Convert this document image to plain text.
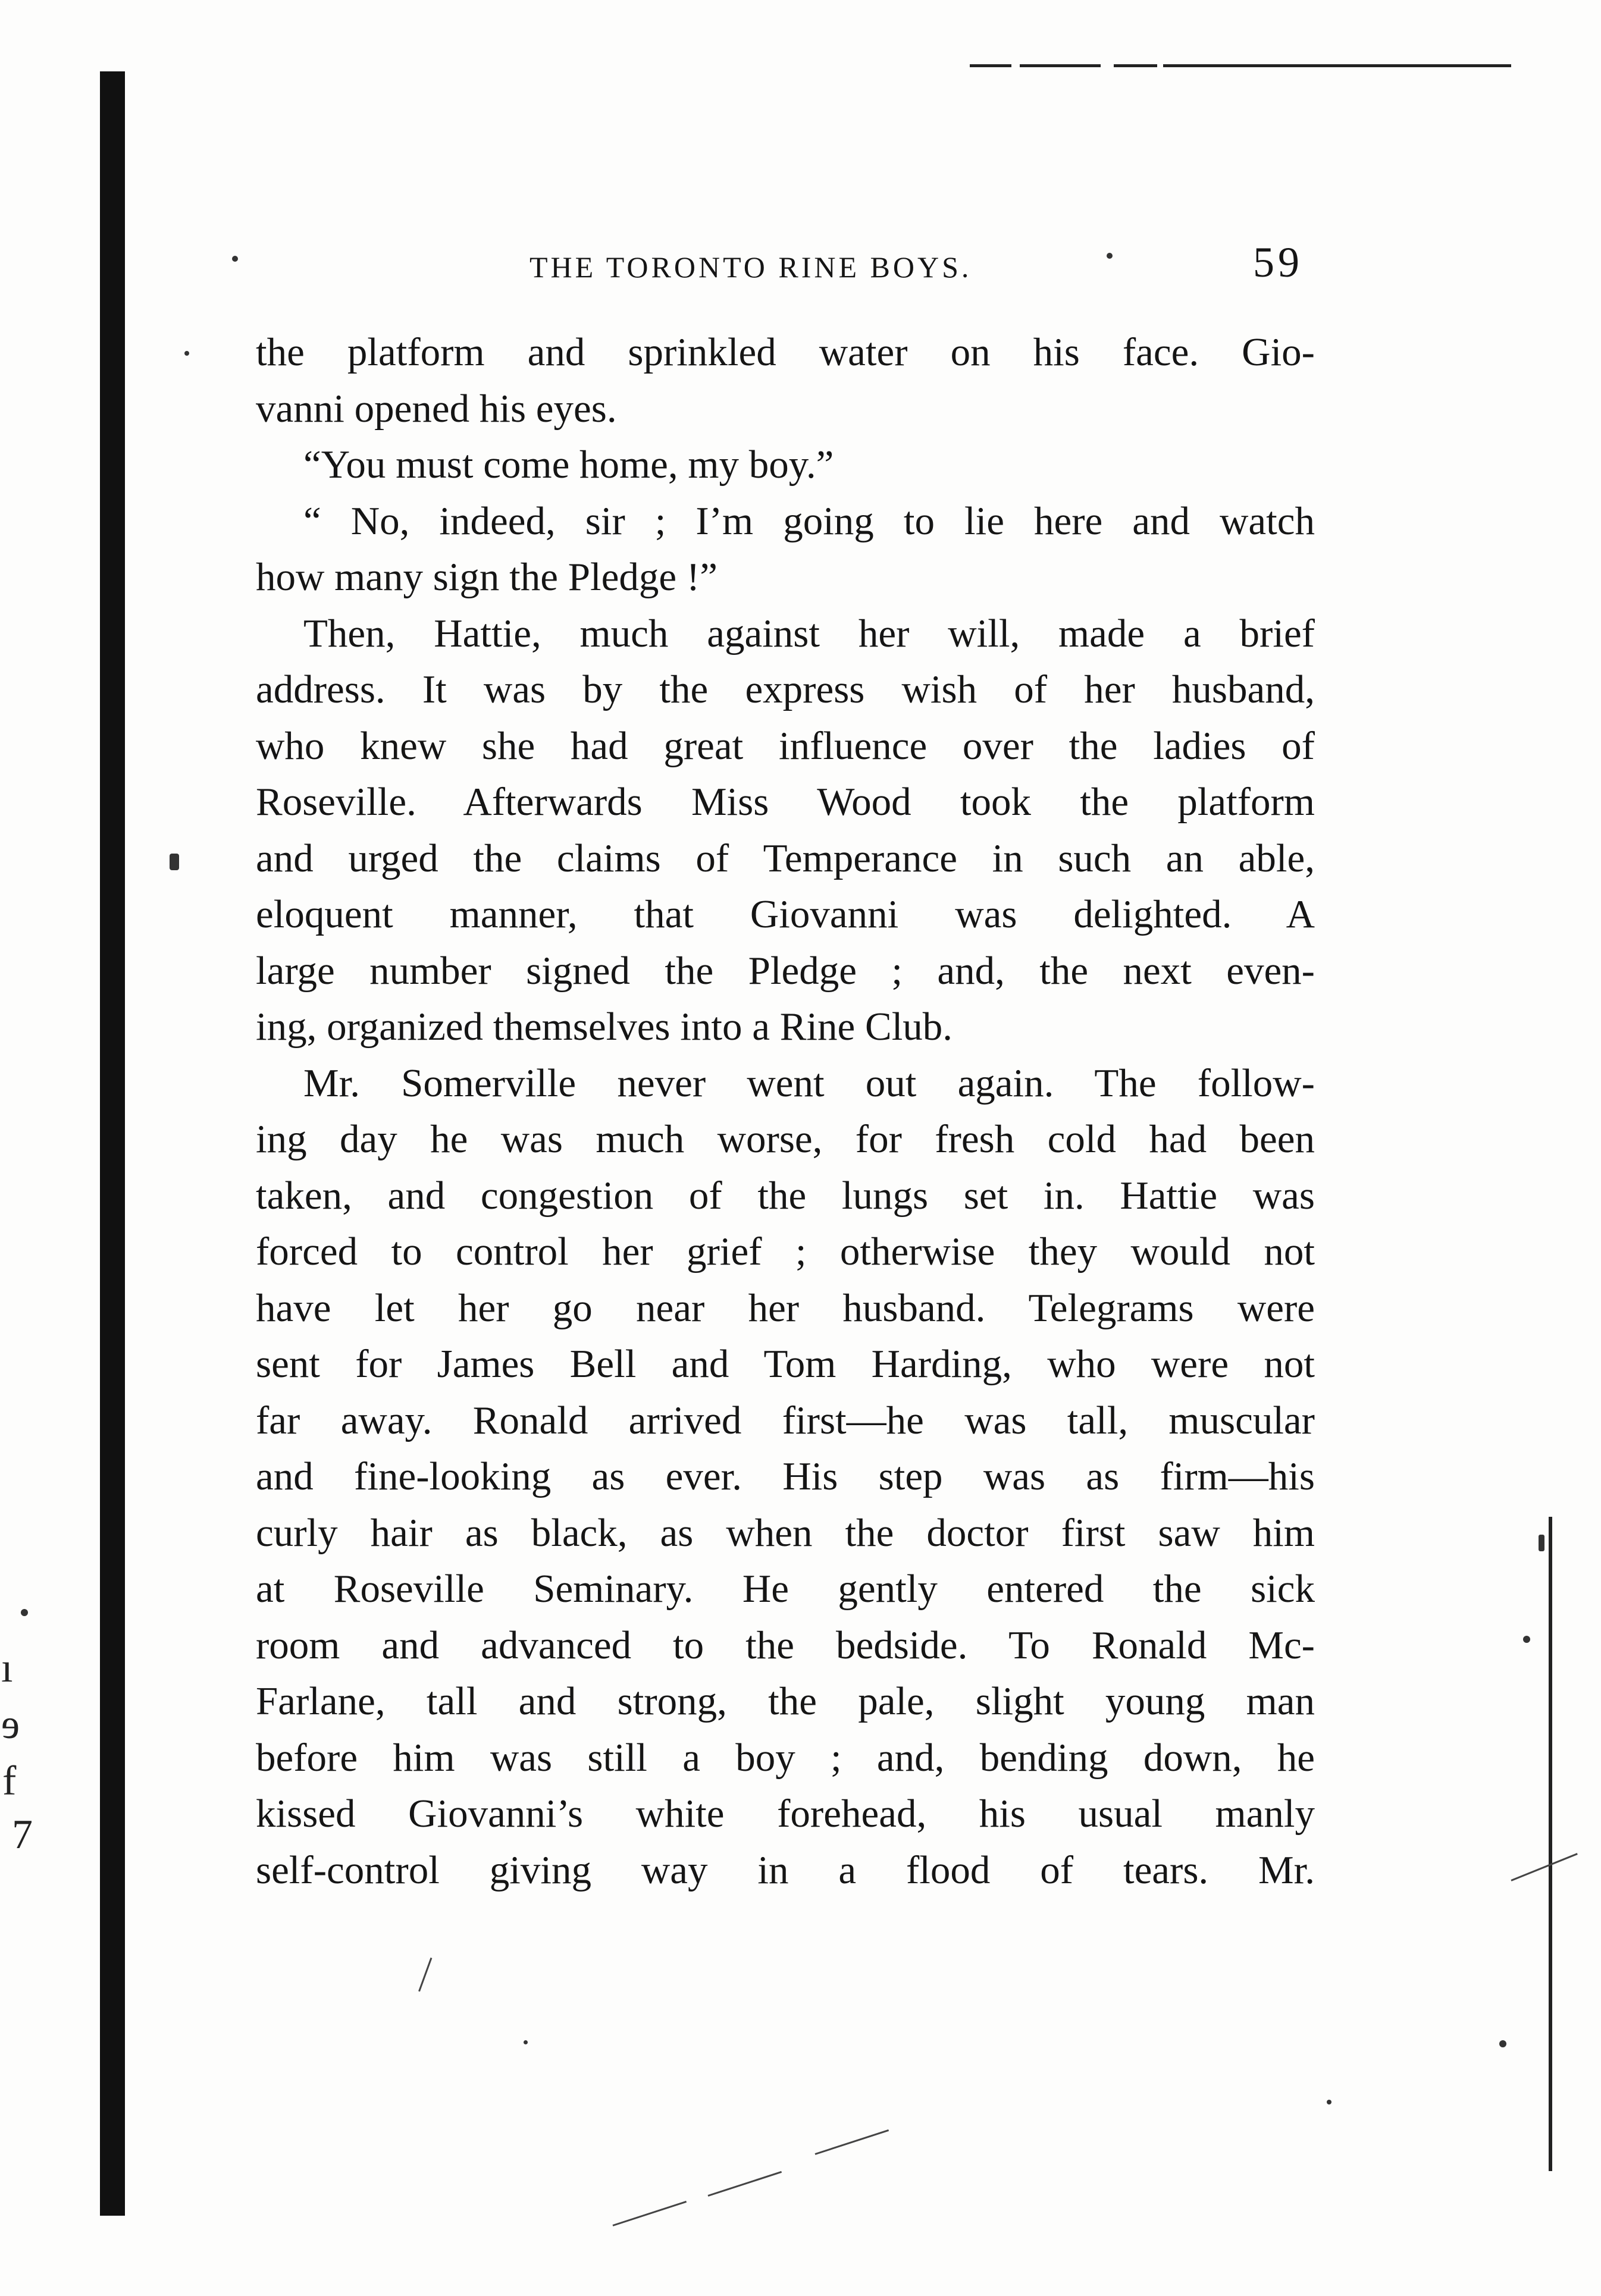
ı
ɘ
f
7
THE TORONTO RINE BOYS.	59
the platform and sprinkled water on his face. Gio-
vanni opened his eyes.
“You must come home, my boy.”
“ No, indeed, sir ; I’m going to lie here and watch
how many sign the Pledge !”
Then, Hattie, much against her will, made a brief
address. It was by the express wish of her husband,
who knew she had great influence over the ladies of
Roseville. Afterwards Miss Wood took the platform
and urged the claims of Temperance in such an able,
eloquent manner, that Giovanni was delighted. A
large number signed the Pledge ; and, the next even-
ing, organized themselves into a Rine Club.
Mr. Somerville never went out again. The follow-
ing day he was much worse, for fresh cold had been
taken, and congestion of the lungs set in. Hattie was
forced to control her grief ; otherwise they would not
have let her go near her husband. Telegrams were
sent for James Bell and Tom Harding, who were not
far away. Ronald arrived first—he was tall, muscular
and fine-looking as ever. His step was as firm—his
curly hair as black, as when the doctor first saw him
at Roseville Seminary. He gently entered the sick
room and advanced to the bedside. To Ronald Mc-
Farlane, tall and strong, the pale, slight young man
before him was still a boy ; and, bending down, he
kissed Giovanni’s white forehead, his usual manly
self-control giving way in a flood of tears. Mr.
